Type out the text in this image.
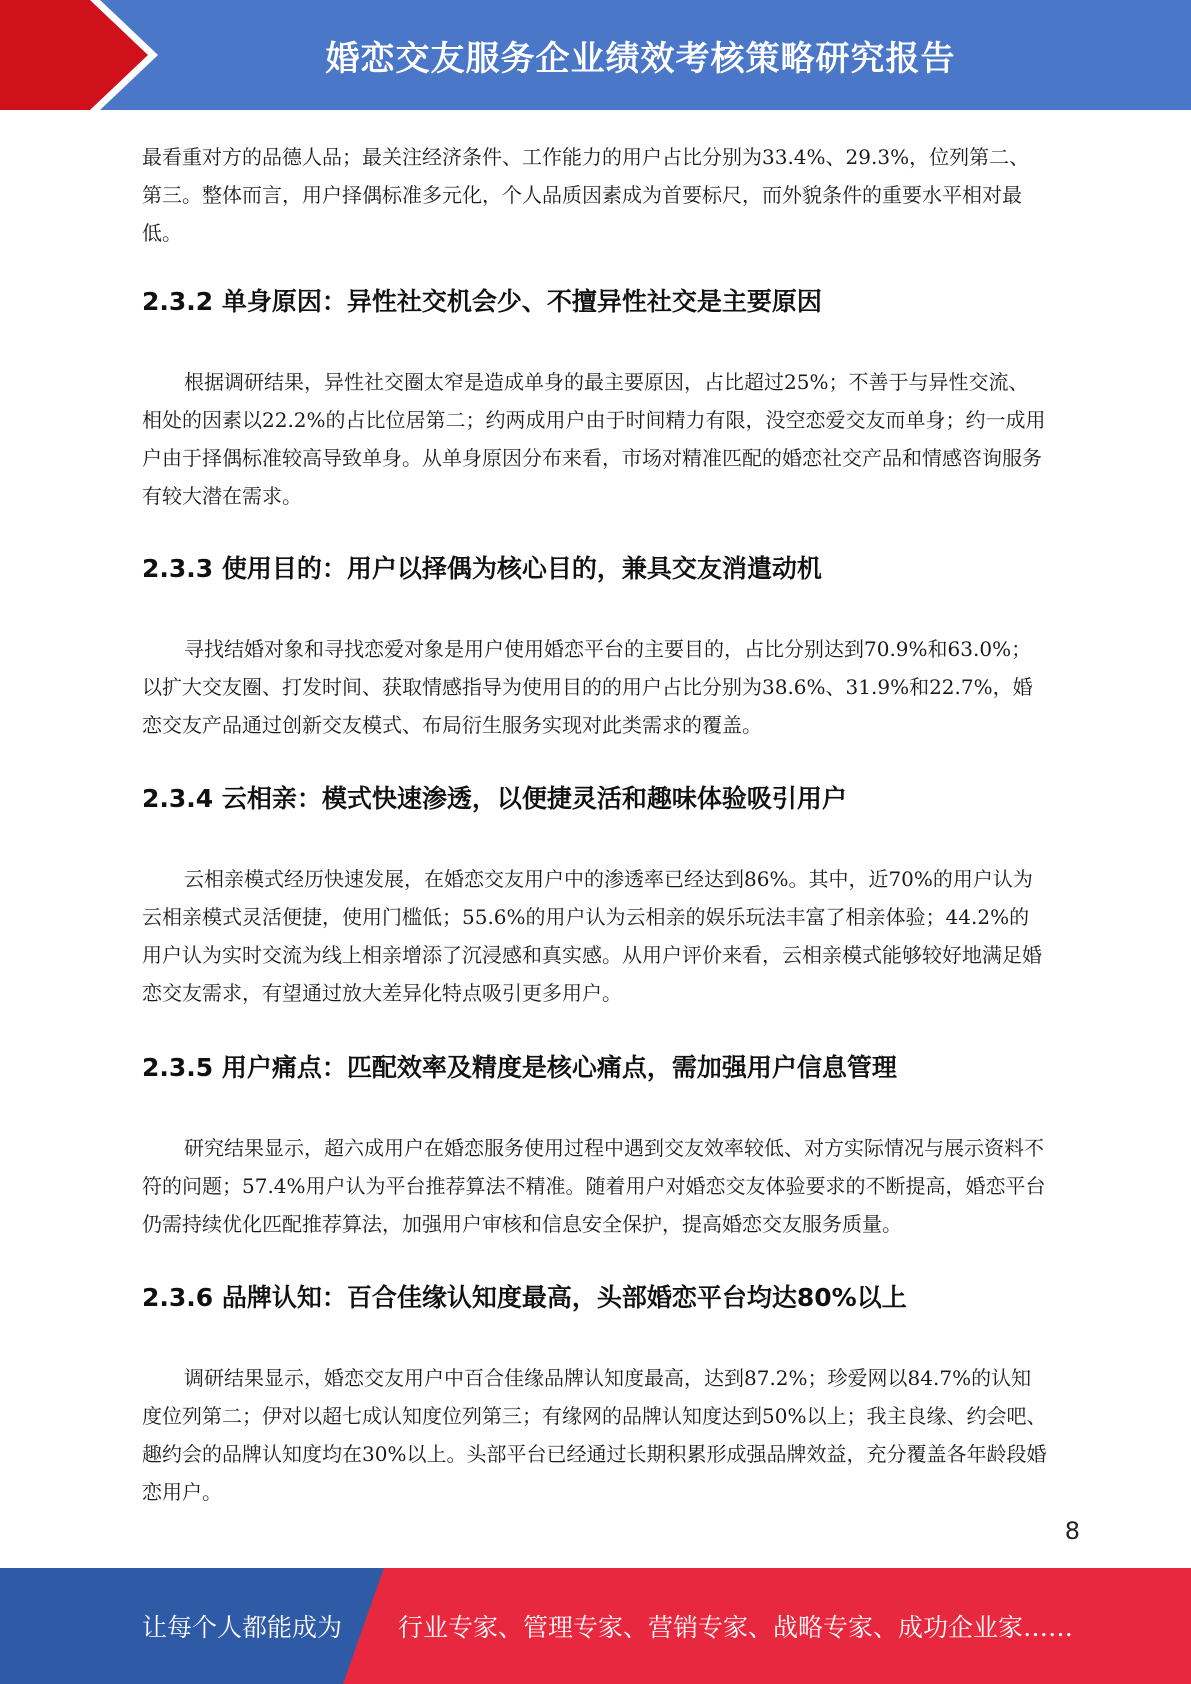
婚恋交友服务企业绩效考核策略研究报告

最看重对方的品德人品；最关注经济条件、工作能力的用户占比分别为33.4%、29.3%，位列第二、第三。整体而言，用户择偶标准多元化，个人品质因素成为首要标尺，而外貌条件的重要水平相对最低。

2.3.2 单身原因：异性社交机会少、不擅异性社交是主要原因

根据调研结果，异性社交圈太窄是造成单身的最主要原因，占比超过25%；不善于与异性交流、相处的因素以22.2%的占比位居第二；约两成用户由于时间精力有限，没空恋爱交友而单身；约一成用户由于择偶标准较高导致单身。从单身原因分布来看，市场对精准匹配的婚恋社交产品和情感咨询服务有较大潜在需求。

2.3.3 使用目的：用户以择偶为核心目的，兼具交友消遣动机

寻找结婚对象和寻找恋爱对象是用户使用婚恋平台的主要目的，占比分别达到70.9%和63.0%；以扩大交友圈、打发时间、获取情感指导为使用目的的用户占比分别为38.6%、31.9%和22.7%，婚恋交友产品通过创新交友模式、布局衍生服务实现对此类需求的覆盖。

2.3.4 云相亲：模式快速渗透，以便捷灵活和趣味体验吸引用户

云相亲模式经历快速发展，在婚恋交友用户中的渗透率已经达到86%。其中，近70%的用户认为云相亲模式灵活便捷，使用门槛低；55.6%的用户认为云相亲的娱乐玩法丰富了相亲体验；44.2%的用户认为实时交流为线上相亲增添了沉浸感和真实感。从用户评价来看，云相亲模式能够较好地满足婚恋交友需求，有望通过放大差异化特点吸引更多用户。

2.3.5 用户痛点：匹配效率及精度是核心痛点，需加强用户信息管理

研究结果显示，超六成用户在婚恋服务使用过程中遇到交友效率较低、对方实际情况与展示资料不符的问题；57.4%用户认为平台推荐算法不精准。随着用户对婚恋交友体验要求的不断提高，婚恋平台仍需持续优化匹配推荐算法，加强用户审核和信息安全保护，提高婚恋交友服务质量。

2.3.6 品牌认知：百合佳缘认知度最高，头部婚恋平台均达80%以上

调研结果显示，婚恋交友用户中百合佳缘品牌认知度最高，达到87.2%；珍爱网以84.7%的认知度位列第二；伊对以超七成认知度位列第三；有缘网的品牌认知度达到50%以上；我主良缘、约会吧、趣约会的品牌认知度均在30%以上。头部平台已经通过长期积累形成强品牌效益，充分覆盖各年龄段婚恋用户。

8
让每个人都能成为 行业专家、管理专家、营销专家、战略专家、成功企业家……
